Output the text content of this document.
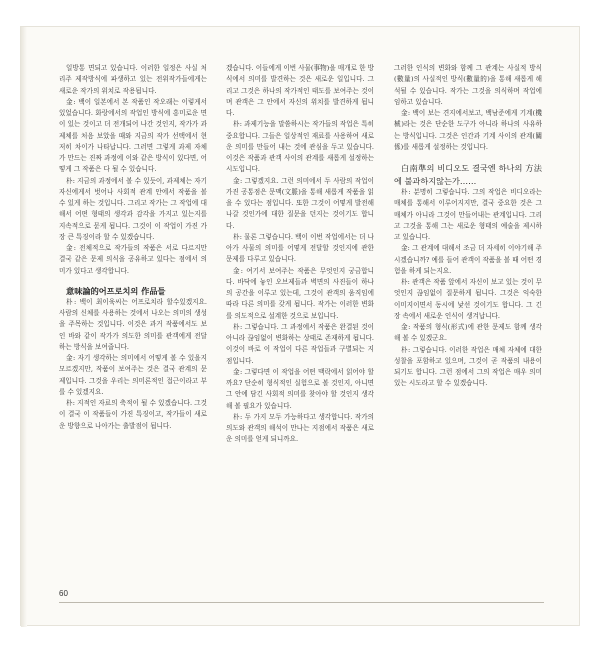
일방통 면되고 있습니다. 이러한 일정은 사실 처리주 제작방식에 파생하고 있는 전위작가들에게는 새로운 작가의 위치로 작용됩니다.

金: 백이 일본에서 본 작품인 작오래는 이렇게서 있었습니다. 화랑에서의 작업인 방식에 흥미로운 면이 있는 것이고 더 전개되어 나간 것인지, 작가가 과제체를 처음 보았을 때와 지금의 작가 선택에서 현저히 차이가 나타납니다. 그러면 그렇게 과제 자체가 만드는 진짜 과정에 이와 같은 방식이 있다면, 어떻게 그 작품은 다 될 수 있습니다.

朴: 지금의 과정에서 볼 수 있듯이, 과제체는 자기 자신에게서 벗어나 사회적 관계 안에서 작품을 볼 수 있게 하는 것입니다. 그리고 작가는 그 작업에 대해서 어떤 형태의 생각과 감각을 가지고 있는지를 지속적으로 묻게 됩니다. 그것이 이 작업이 가진 가장 큰 특징이라 할 수 있겠습니다.

金: 전체적으로 작가들의 작품은 서로 다르지만 결국 같은 문제 의식을 공유하고 있다는 점에서 의미가 있다고 생각합니다.

意味論的어프로치의 作品들

朴: 백이 최이육씨는 어프로치라 할수있겠지요. 사람의 신체를 사용하는 것에서 나오는 의미의 생성을 주목하는 것입니다. 이것은 과거 작품에서도 보인 바와 같이 작가가 의도한 의미를 관객에게 전달하는 방식을 보여줍니다.

金: 자기 생각하는 의미에서 어떻게 볼 수 있을지 모르겠지만, 작품이 보여주는 것은 결국 관계의 문제입니다. 그것을 우리는 의미론적인 접근이라고 부를 수 있겠지요.

朴: 지적인 자료의 축적이 될 수 있겠습니다. 그것이 결국 이 작품들이 가진 특징이고, 작가들이 새로운 방향으로 나아가는 출발점이 됩니다.

겠습니다. 이들에게 이번 사물(事物)을 매개로 한 방식에서 의미를 발견하는 것은 새로운 일입니다. 그리고 그것은 하나의 작가적인 태도를 보여주는 것이며 관객은 그 안에서 자신의 위치를 발견하게 됩니다.

朴: 과제기능을 말씀하시는 작가들의 작업은 특히 중요합니다. 그들은 일상적인 재료를 사용하여 새로운 의미를 만들어 내는 것에 관심을 두고 있습니다. 이것은 작품과 관객 사이의 관계를 새롭게 설정하는 시도입니다.

金: 그렇겠지요. 그런 의미에서 두 사람의 작업이 가진 공통점은 문맥(文脈)을 통해 새롭게 작품을 읽을 수 있다는 점입니다. 또한 그것이 어떻게 발전해 나갈 것인가에 대한 질문을 던지는 것이기도 합니다.

朴: 물론 그렇습니다. 백이 이번 작업에서는 더 나아가 사물의 의미를 어떻게 전달할 것인지에 관한 문제를 다루고 있습니다.

金: 여기서 보여주는 작품은 무엇인지 궁금합니다. 바닥에 놓인 오브제들과 벽면의 사진들이 하나의 공간을 이루고 있는데, 그것이 관객의 움직임에 따라 다른 의미를 갖게 됩니다. 작가는 이러한 변화를 의도적으로 설계한 것으로 보입니다.

朴: 그렇습니다. 그 과정에서 작품은 완결된 것이 아니라 끊임없이 변화하는 상태로 존재하게 됩니다. 이것이 바로 이 작업이 다른 작업들과 구별되는 지점입니다.

金: 그렇다면 이 작업을 어떤 맥락에서 읽어야 할까요? 단순히 형식적인 실험으로 볼 것인지, 아니면 그 안에 담긴 사회적 의미를 찾아야 할 것인지 생각해 볼 필요가 있습니다.

朴: 두 가지 모두 가능하다고 생각합니다. 작가의 의도와 관객의 해석이 만나는 지점에서 작품은 새로운 의미를 얻게 되니까요.

그러한 인식의 변화와 함께 그 관계는 사실적 방식(數量)의 사실적인 방식(數量的)을 통해 새롭게 해석될 수 있습니다. 작가는 그것을 의식하며 작업에 임하고 있습니다.

金: 백이 보는 견지에서보고, 백남준에게 기계(機械)라는 것은 단순한 도구가 아니라 하나의 사유하는 방식입니다. 그것은 인간과 기계 사이의 관계(關係)를 새롭게 설정하는 것입니다.

白南準의 비디오도 결국엔 하나의 方法에 불과하지않는가……

朴: 분명히 그렇습니다. 그의 작업은 비디오라는 매체를 통해서 이루어지지만, 결국 중요한 것은 그 매체가 아니라 그것이 만들어내는 관계입니다. 그리고 그것을 통해 그는 새로운 형태의 예술을 제시하고 있습니다.

金: 그 관계에 대해서 조금 더 자세히 이야기해 주시겠습니까? 예를 들어 관객이 작품을 볼 때 어떤 경험을 하게 되는지요.

朴: 관객은 작품 앞에서 자신이 보고 있는 것이 무엇인지 끊임없이 질문하게 됩니다. 그것은 익숙한 이미지이면서 동시에 낯선 것이기도 합니다. 그 긴장 속에서 새로운 인식이 생겨납니다.

金: 작품의 형식(形式)에 관한 문제도 함께 생각해 볼 수 있겠군요.

朴: 그렇습니다. 이러한 작업은 매체 자체에 대한 성찰을 포함하고 있으며, 그것이 곧 작품의 내용이 되기도 합니다. 그런 점에서 그의 작업은 매우 의미 있는 시도라고 할 수 있겠습니다.

60
